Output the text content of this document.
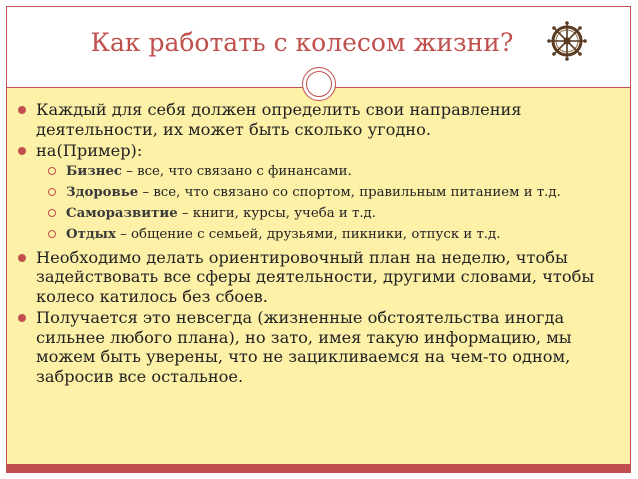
Как работать с колесом жизни?
Каждый для себя должен определить свои направления деятельности, их может быть сколько угодно.
на(Пример):
Бизнес – все, что связано с финансами.
Здоровье – все, что связано со спортом, правильным питанием и т.д.
Саморазвитие – книги, курсы, учеба и т.д.
Отдых – общение с семьей, друзьями, пикники, отпуск и т.д.
Необходимо делать ориентировочный план на неделю, чтобы задействовать все сферы деятельности, другими словами, чтобы колесо катилось без сбоев.
Получается это невсегда (жизненные обстоятельства иногда сильнее любого плана), но зато, имея такую информацию, мы можем быть уверены, что не зацикливаемся на чем-то одном, забросив все остальное.
